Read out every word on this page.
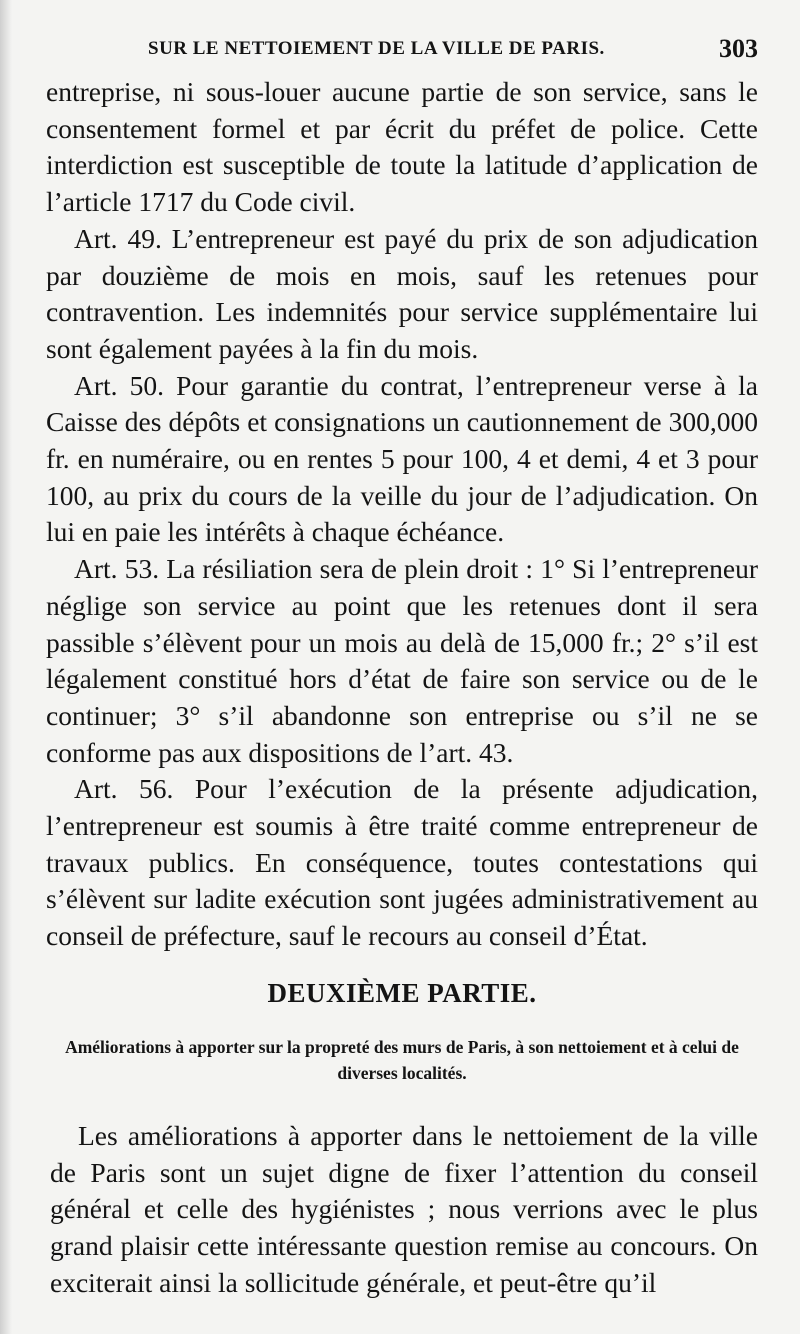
SUR LE NETTOIEMENT DE LA VILLE DE PARIS.	303

entreprise, ni sous-louer aucune partie de son service, sans le consentement formel et par écrit du préfet de police. Cette interdiction est susceptible de toute la latitude d’application de l’article 1717 du Code civil.

Art. 49. L’entrepreneur est payé du prix de son adjudication par douzième de mois en mois, sauf les retenues pour contravention. Les indemnités pour service supplémentaire lui sont également payées à la fin du mois.

Art. 50. Pour garantie du contrat, l’entrepreneur verse à la Caisse des dépôts et consignations un cautionnement de 300,000 fr. en numéraire, ou en rentes 5 pour 100, 4 et demi, 4 et 3 pour 100, au prix du cours de la veille du jour de l’adjudication. On lui en paie les intérêts à chaque échéance.

Art. 53. La résiliation sera de plein droit : 1° Si l’entrepreneur néglige son service au point que les retenues dont il sera passible s’élèvent pour un mois au delà de 15,000 fr.; 2° s’il est légalement constitué hors d’état de faire son service ou de le continuer; 3° s’il abandonne son entreprise ou s’il ne se conforme pas aux dispositions de l’art. 43.

Art. 56. Pour l’exécution de la présente adjudication, l’entrepreneur est soumis à être traité comme entrepreneur de travaux publics. En conséquence, toutes contestations qui s’élèvent sur ladite exécution sont jugées administrativement au conseil de préfecture, sauf le recours au conseil d’État.

DEUXIÈME PARTIE.
Améliorations à apporter sur la propreté des murs de Paris, à son nettoiement et à celui de diverses localités.

Les améliorations à apporter dans le nettoiement de la ville de Paris sont un sujet digne de fixer l’attention du conseil général et celle des hygiénistes ; nous verrions avec le plus grand plaisir cette intéressante question remise au concours. On exciterait ainsi la sollicitude générale, et peut-être qu’il
